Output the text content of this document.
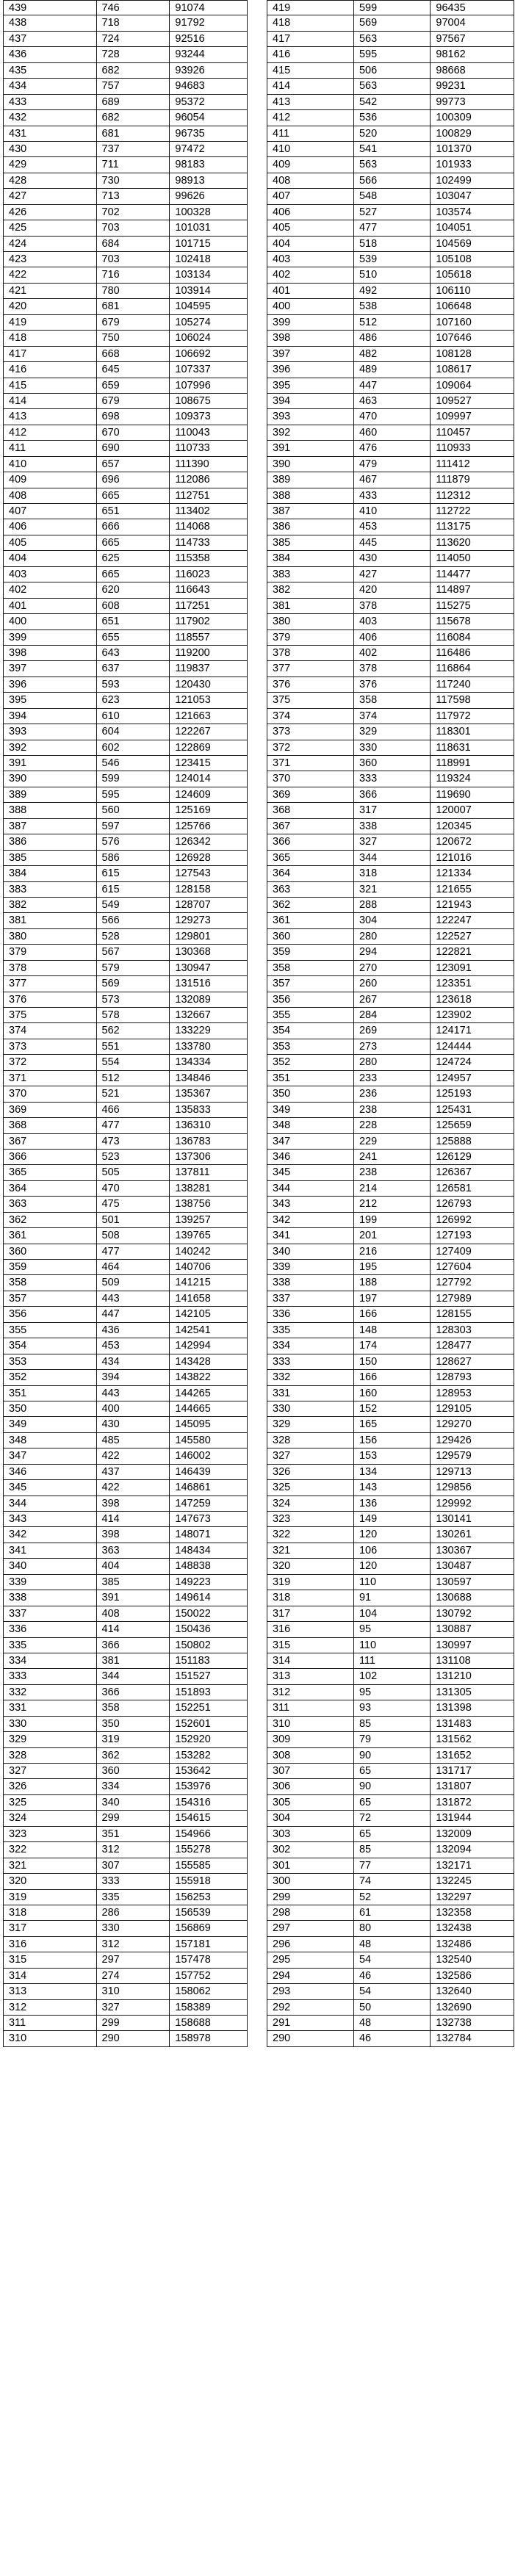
439	746	91074
438	718	91792
437	724	92516
436	728	93244
435	682	93926
434	757	94683
433	689	95372
432	682	96054
431	681	96735
430	737	97472
429	711	98183
428	730	98913
427	713	99626
426	702	100328
425	703	101031
424	684	101715
423	703	102418
422	716	103134
421	780	103914
420	681	104595
419	679	105274
418	750	106024
417	668	106692
416	645	107337
415	659	107996
414	679	108675
413	698	109373
412	670	110043
411	690	110733
410	657	111390
409	696	112086
408	665	112751
407	651	113402
406	666	114068
405	665	114733
404	625	115358
403	665	116023
402	620	116643
401	608	117251
400	651	117902
399	655	118557
398	643	119200
397	637	119837
396	593	120430
395	623	121053
394	610	121663
393	604	122267
392	602	122869
391	546	123415
390	599	124014
389	595	124609
388	560	125169
387	597	125766
386	576	126342
385	586	126928
384	615	127543
383	615	128158
382	549	128707
381	566	129273
380	528	129801
379	567	130368
378	579	130947
377	569	131516
376	573	132089
375	578	132667
374	562	133229
373	551	133780
372	554	134334
371	512	134846
370	521	135367
369	466	135833
368	477	136310
367	473	136783
366	523	137306
365	505	137811
364	470	138281
363	475	138756
362	501	139257
361	508	139765
360	477	140242
359	464	140706
358	509	141215
357	443	141658
356	447	142105
355	436	142541
354	453	142994
353	434	143428
352	394	143822
351	443	144265
350	400	144665
349	430	145095
348	485	145580
347	422	146002
346	437	146439
345	422	146861
344	398	147259
343	414	147673
342	398	148071
341	363	148434
340	404	148838
339	385	149223
338	391	149614
337	408	150022
336	414	150436
335	366	150802
334	381	151183
333	344	151527
332	366	151893
331	358	152251
330	350	152601
329	319	152920
328	362	153282
327	360	153642
326	334	153976
325	340	154316
324	299	154615
323	351	154966
322	312	155278
321	307	155585
320	333	155918
319	335	156253
318	286	156539
317	330	156869
316	312	157181
315	297	157478
314	274	157752
313	310	158062
312	327	158389
311	299	158688
310	290	158978
419	599	96435
418	569	97004
417	563	97567
416	595	98162
415	506	98668
414	563	99231
413	542	99773
412	536	100309
411	520	100829
410	541	101370
409	563	101933
408	566	102499
407	548	103047
406	527	103574
405	477	104051
404	518	104569
403	539	105108
402	510	105618
401	492	106110
400	538	106648
399	512	107160
398	486	107646
397	482	108128
396	489	108617
395	447	109064
394	463	109527
393	470	109997
392	460	110457
391	476	110933
390	479	111412
389	467	111879
388	433	112312
387	410	112722
386	453	113175
385	445	113620
384	430	114050
383	427	114477
382	420	114897
381	378	115275
380	403	115678
379	406	116084
378	402	116486
377	378	116864
376	376	117240
375	358	117598
374	374	117972
373	329	118301
372	330	118631
371	360	118991
370	333	119324
369	366	119690
368	317	120007
367	338	120345
366	327	120672
365	344	121016
364	318	121334
363	321	121655
362	288	121943
361	304	122247
360	280	122527
359	294	122821
358	270	123091
357	260	123351
356	267	123618
355	284	123902
354	269	124171
353	273	124444
352	280	124724
351	233	124957
350	236	125193
349	238	125431
348	228	125659
347	229	125888
346	241	126129
345	238	126367
344	214	126581
343	212	126793
342	199	126992
341	201	127193
340	216	127409
339	195	127604
338	188	127792
337	197	127989
336	166	128155
335	148	128303
334	174	128477
333	150	128627
332	166	128793
331	160	128953
330	152	129105
329	165	129270
328	156	129426
327	153	129579
326	134	129713
325	143	129856
324	136	129992
323	149	130141
322	120	130261
321	106	130367
320	120	130487
319	110	130597
318	91	130688
317	104	130792
316	95	130887
315	110	130997
314	111	131108
313	102	131210
312	95	131305
311	93	131398
310	85	131483
309	79	131562
308	90	131652
307	65	131717
306	90	131807
305	65	131872
304	72	131944
303	65	132009
302	85	132094
301	77	132171
300	74	132245
299	52	132297
298	61	132358
297	80	132438
296	48	132486
295	54	132540
294	46	132586
293	54	132640
292	50	132690
291	48	132738
290	46	132784
